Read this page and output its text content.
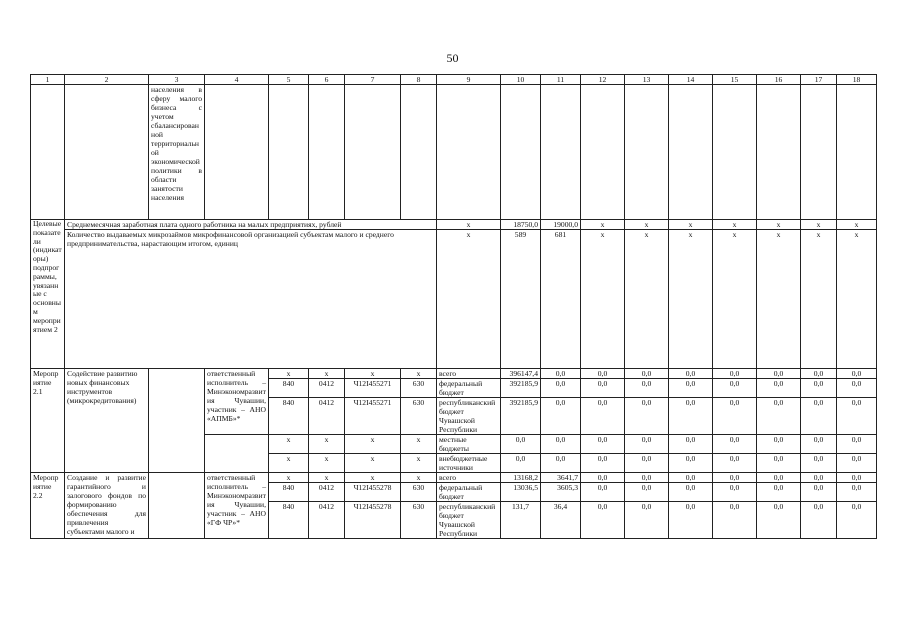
50
1	2	3	4	5	6	7	8	9	10	11	12	13	14	15	16	17	18
		населения в сферу малого бизнеса с учетом сбалансированной территориальной экономической политики в области занятости населения															
Целевые показатели (индикаторы) подпрограммы, увязанные с основным мероприятием 2	Среднемесячная заработная плата одного работника на малых предприятиях, рублей							x	18750,0	19000,0	x	x	x	x	x	x	x
	Количество выдаваемых микрозаймов микрофинансовой организацией субъектам малого и среднего предпринимательства, нарастающим итогом, единиц							x	589	681	x	x	x	x	x	x	x
Мероприятие 2.1	Содействие развитию новых финансовых инструментов (микрокредитования)		ответственный исполнитель – Минэкономразвития Чувашии, участник – АНО «АПМБ»*	x	x	x	x	всего	396147,4	0,0	0,0	0,0	0,0	0,0	0,0	0,0	0,0
				840	0412	Ч12I455271	630	федеральный бюджет	392185,9	0,0	0,0	0,0	0,0	0,0	0,0	0,0	0,0
				840	0412	Ч12I455271	630	республиканский бюджет Чувашской Республики	392185,9	0,0	0,0	0,0	0,0	0,0	0,0	0,0	0,0
				x	x	x	x	местные бюджеты	0,0	0,0	0,0	0,0	0,0	0,0	0,0	0,0	0,0
				x	x	x	x	внебюджетные источники	0,0	0,0	0,0	0,0	0,0	0,0	0,0	0,0	0,0
Мероприятие 2.2	Создание и развитие гарантийного и залогового фондов по формированию обеспечения для привлечения субъектами малого и		ответственный исполнитель – Минэкономразвития Чувашии, участник – АНО «ГФ ЧР»*	x	x	x	x	всего	13168,2	3641,7	0,0	0,0	0,0	0,0	0,0	0,0	0,0
				840	0412	Ч12I455278	630	федеральный бюджет	13036,5	3605,3	0,0	0,0	0,0	0,0	0,0	0,0	0,0
				840	0412	Ч12I455278	630	республиканский бюджет Чувашской Республики	131,7	36,4	0,0	0,0	0,0	0,0	0,0	0,0	0,0
